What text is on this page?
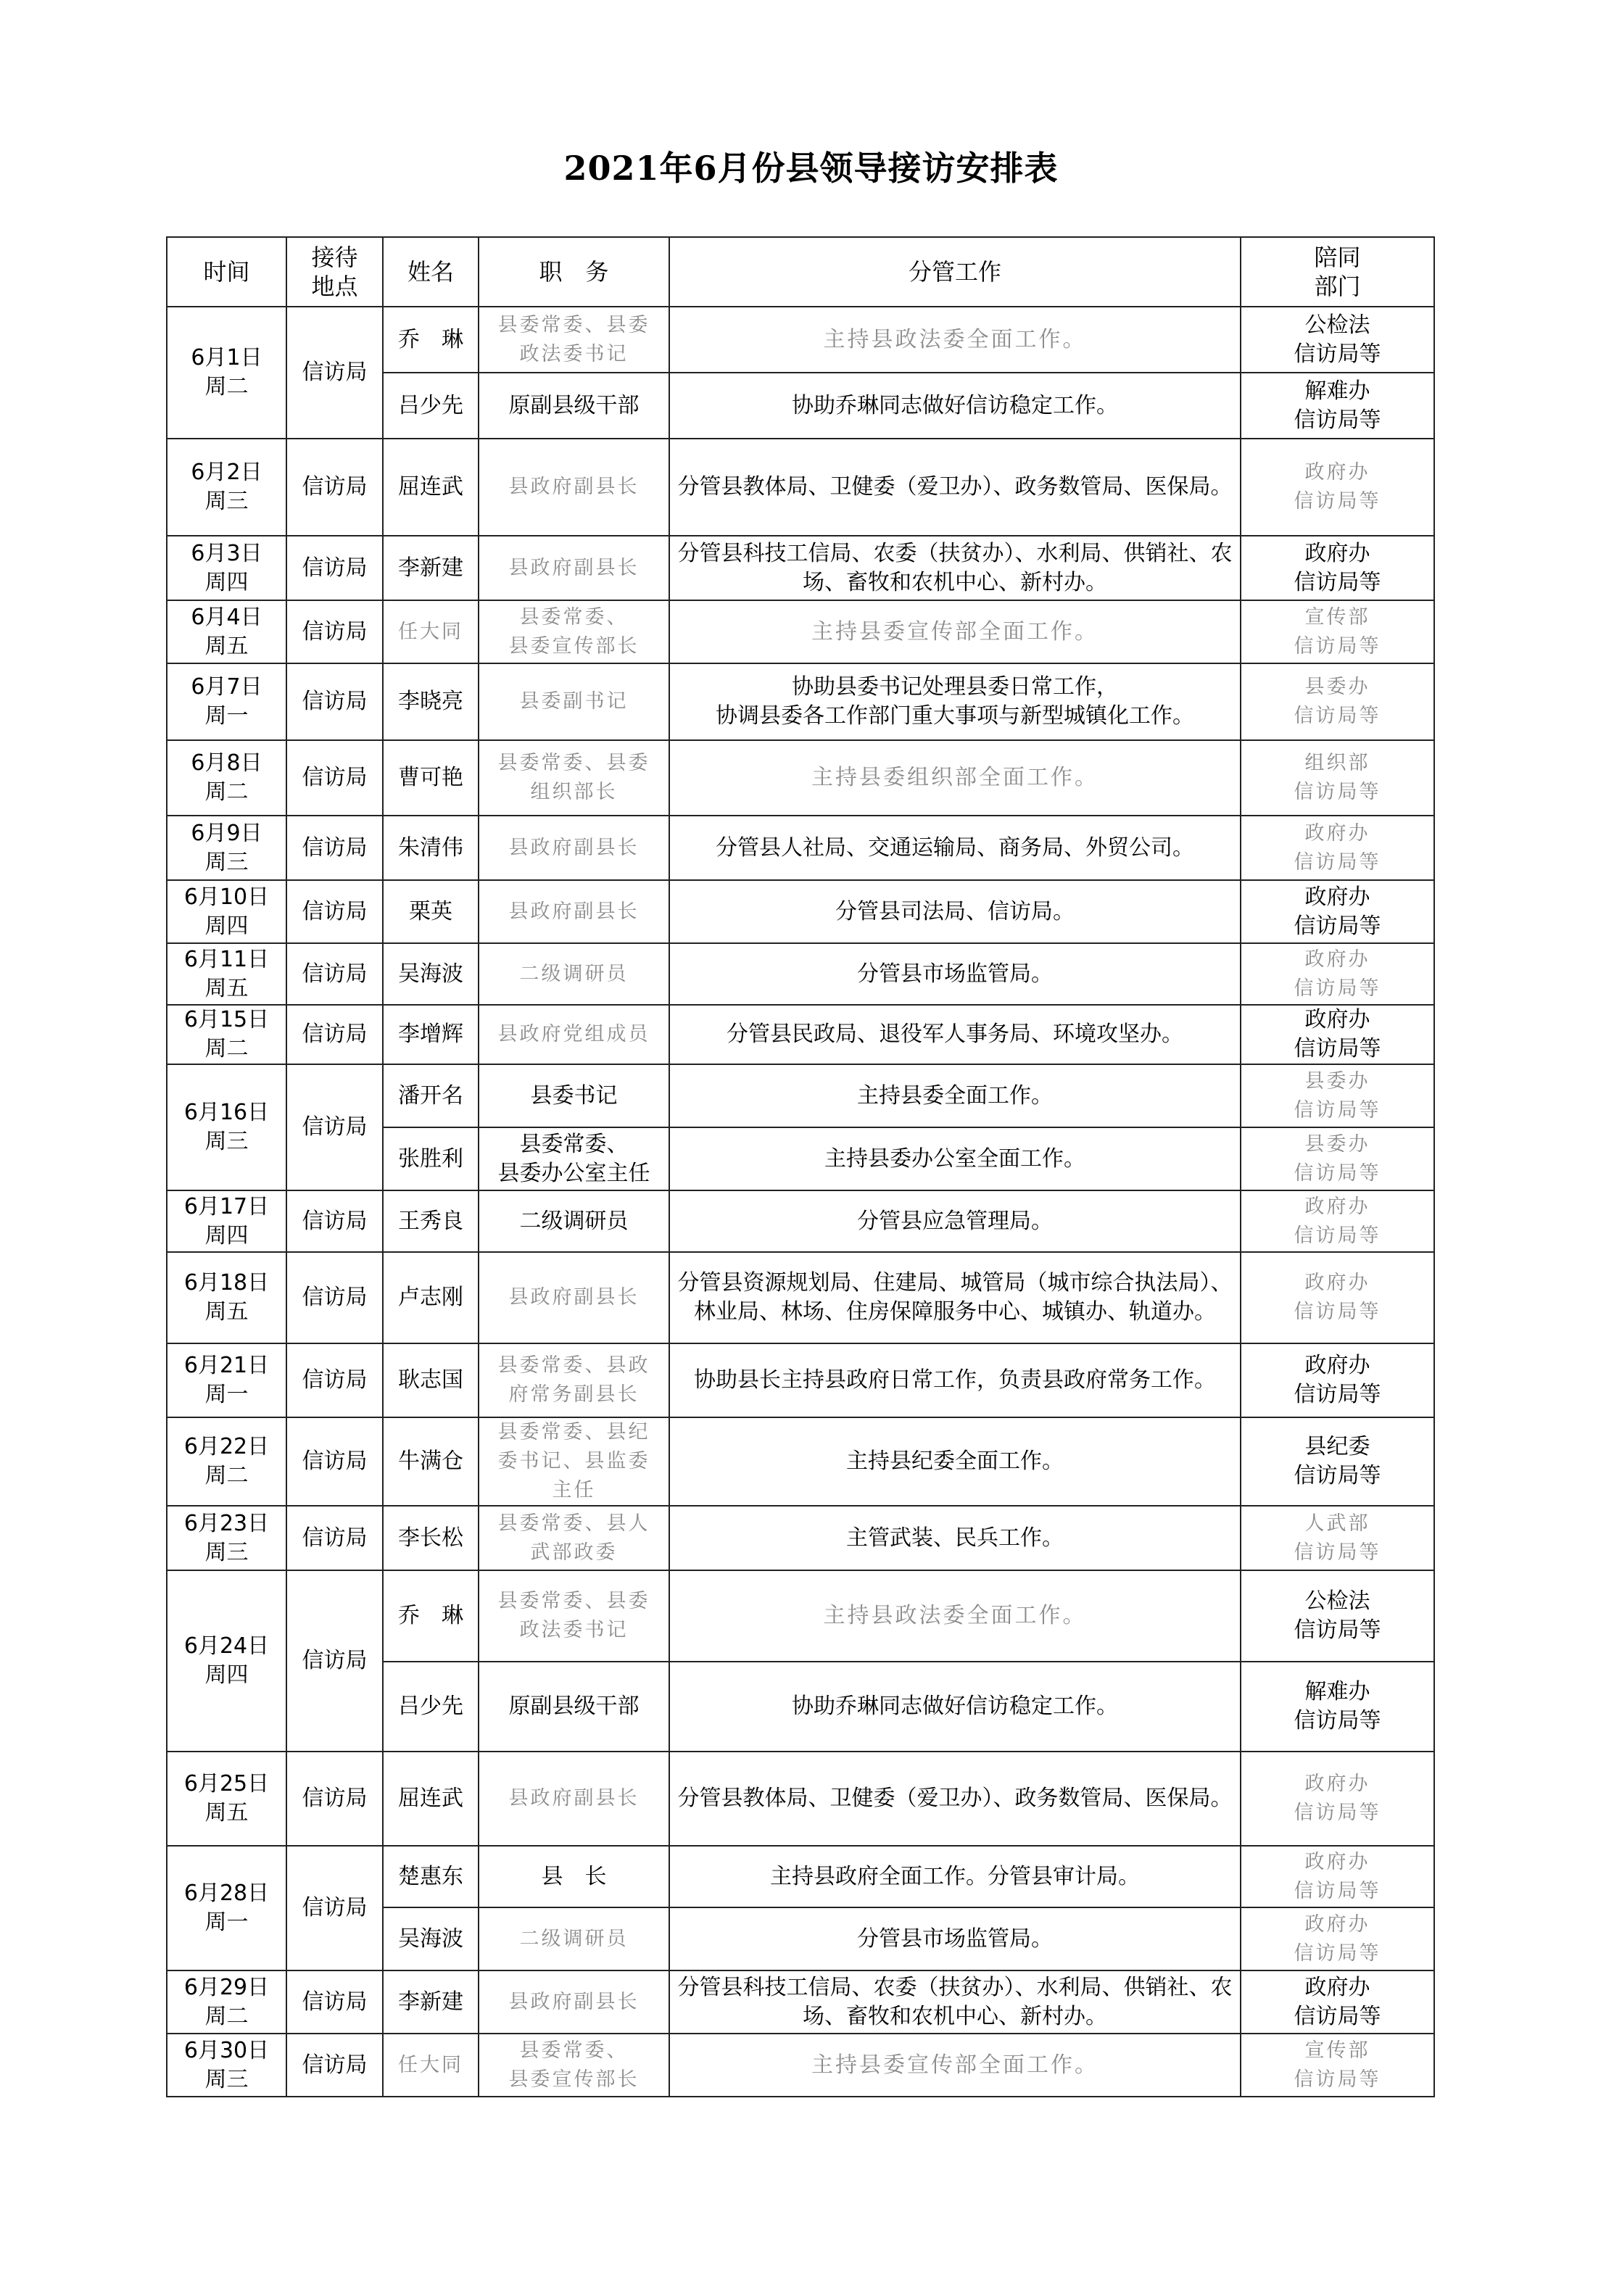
2021年6月份县领导接访安排表
时间	接待
地点	姓名	职　务	分管工作	陪同
部门
6月1日
周二	信访局	乔　琳	县委常委、县委
政法委书记	主持县政法委全面工作。	公检法
信访局等
		吕少先	原副县级干部	协助乔琳同志做好信访稳定工作。	解难办
信访局等
6月2日
周三	信访局	屈连武	县政府副县长	分管县教体局、卫健委（爱卫办）、政务数管局、医保局。	政府办
信访局等
6月3日
周四	信访局	李新建	县政府副县长	分管县科技工信局、农委（扶贫办）、水利局、供销社、农场、畜牧和农机中心、新村办。	政府办
信访局等
6月4日
周五	信访局	任大同	县委常委、
县委宣传部长	主持县委宣传部全面工作。	宣传部
信访局等
6月7日
周一	信访局	李晓亮	县委副书记	协助县委书记处理县委日常工作，
协调县委各工作部门重大事项与新型城镇化工作。	县委办
信访局等
6月8日
周二	信访局	曹可艳	县委常委、县委
组织部长	主持县委组织部全面工作。	组织部
信访局等
6月9日
周三	信访局	朱清伟	县政府副县长	分管县人社局、交通运输局、商务局、外贸公司。	政府办
信访局等
6月10日
周四	信访局	栗英	县政府副县长	分管县司法局、信访局。	政府办
信访局等
6月11日
周五	信访局	吴海波	二级调研员	分管县市场监管局。	政府办
信访局等
6月15日
周二	信访局	李增辉	县政府党组成员	分管县民政局、退役军人事务局、环境攻坚办。	政府办
信访局等
6月16日
周三	信访局	潘开名	县委书记	主持县委全面工作。	县委办
信访局等
		张胜利	县委常委、
县委办公室主任	主持县委办公室全面工作。	县委办
信访局等
6月17日
周四	信访局	王秀良	二级调研员	分管县应急管理局。	政府办
信访局等
6月18日
周五	信访局	卢志刚	县政府副县长	分管县资源规划局、住建局、城管局（城市综合执法局）、林业局、林场、住房保障服务中心、城镇办、轨道办。	政府办
信访局等
6月21日
周一	信访局	耿志国	县委常委、县政
府常务副县长	协助县长主持县政府日常工作，负责县政府常务工作。	政府办
信访局等
6月22日
周二	信访局	牛满仓	县委常委、县纪
委书记、县监委
主任	主持县纪委全面工作。	县纪委
信访局等
6月23日
周三	信访局	李长松	县委常委、县人
武部政委	主管武装、民兵工作。	人武部
信访局等
6月24日
周四	信访局	乔　琳	县委常委、县委
政法委书记	主持县政法委全面工作。	公检法
信访局等
		吕少先	原副县级干部	协助乔琳同志做好信访稳定工作。	解难办
信访局等
6月25日
周五	信访局	屈连武	县政府副县长	分管县教体局、卫健委（爱卫办）、政务数管局、医保局。	政府办
信访局等
6月28日
周一	信访局	楚惠东	县　长	主持县政府全面工作。分管县审计局。	政府办
信访局等
		吴海波	二级调研员	分管县市场监管局。	政府办
信访局等
6月29日
周二	信访局	李新建	县政府副县长	分管县科技工信局、农委（扶贫办）、水利局、供销社、农场、畜牧和农机中心、新村办。	政府办
信访局等
6月30日
周三	信访局	任大同	县委常委、
县委宣传部长	主持县委宣传部全面工作。	宣传部
信访局等
